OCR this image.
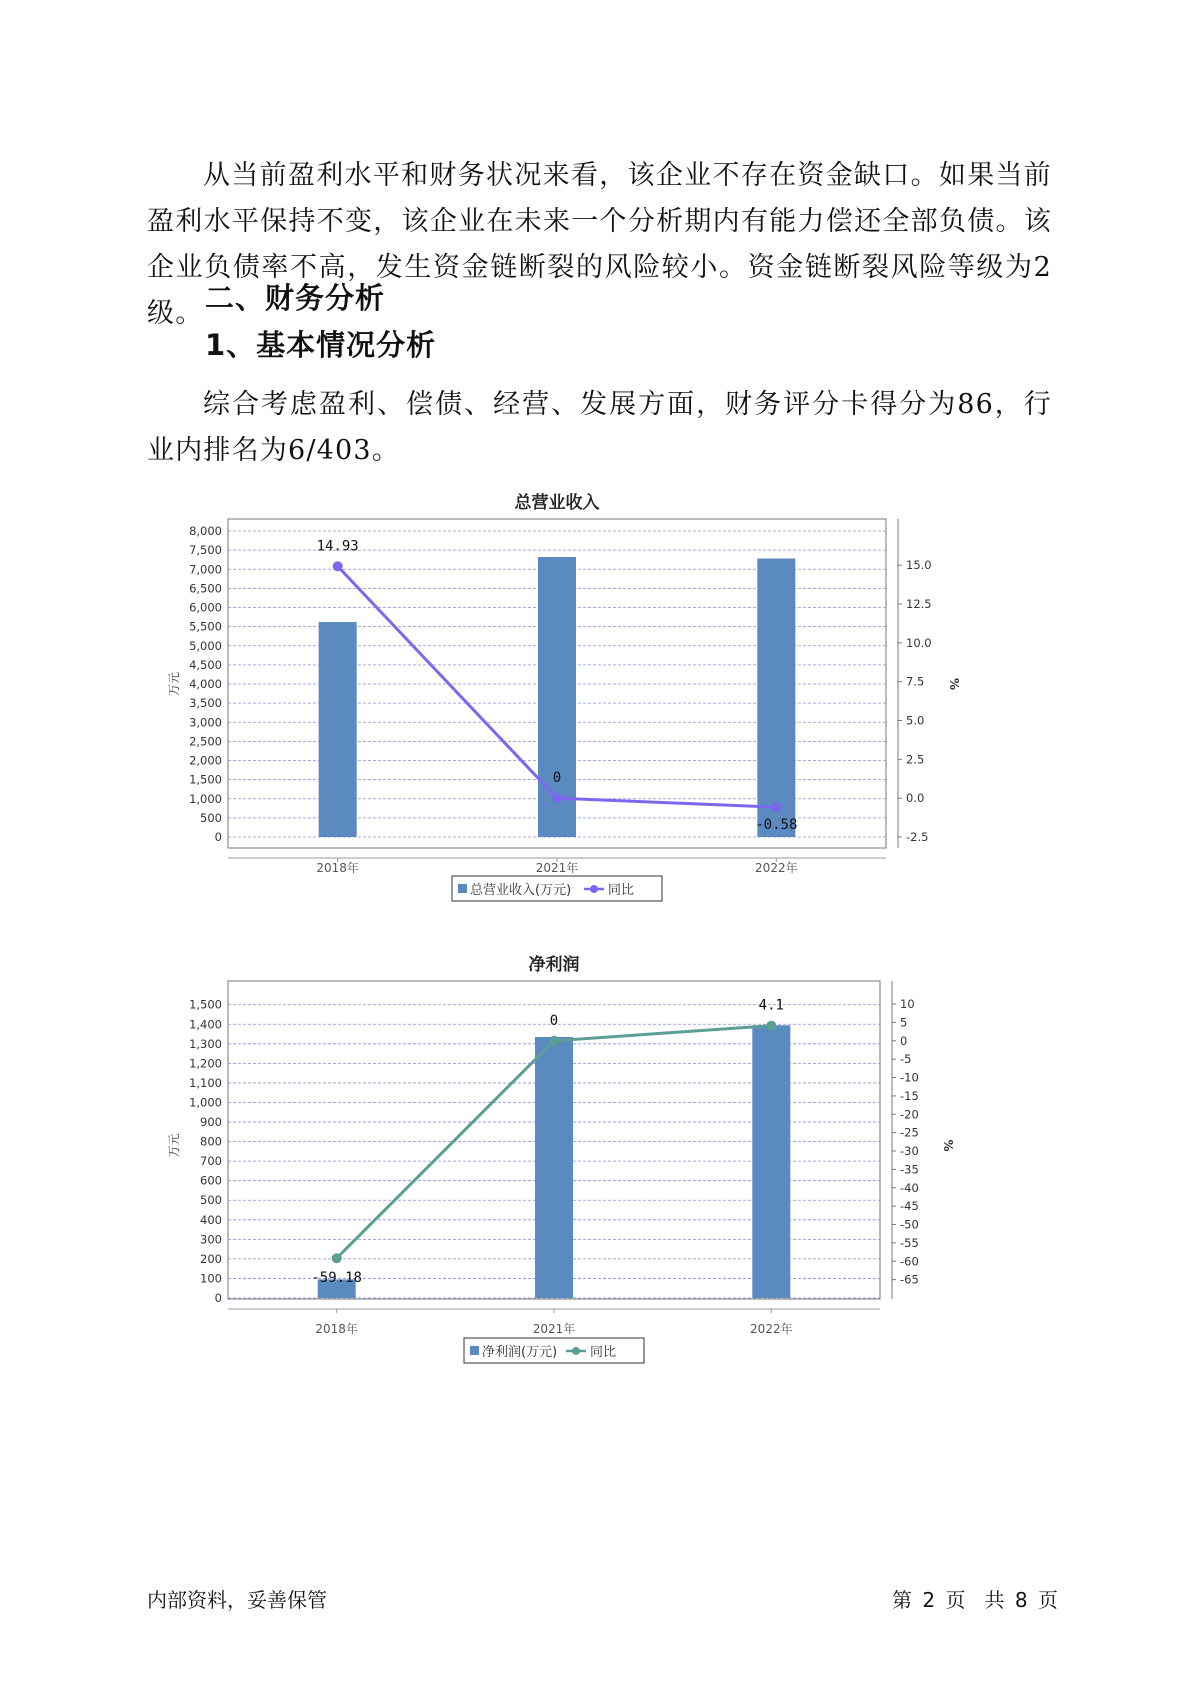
从当前盈利水平和财务状况来看，该企业不存在资金缺口。如果当前盈利水平保持不变，该企业在未来一个分析期内有能力偿还全部负债。该企业负债率不高，发生资金链断裂的风险较小。资金链断裂风险等级为2级。 二、财务分析
1、基本情况分析

综合考虑盈利、偿债、经营、发展方面，财务评分卡得分为86，行业内排名为6/403。

总营业收入
0
500
1,000
1,500
2,000
2,500
3,000
3,500
4,000
4,500
5,000
5,500
6,000
6,500
7,000
7,500
8,000
-2.5
0.0
2.5
5.0
7.5
10.0
12.5
15.0
万元	%
2018年	2021年	2022年
14.93
0
-0.58
总营业收入(万元)	同比
净利润
0
100
200
300
400
500
600
700
800
900
1,000
1,100
1,200
1,300
1,400
1,500
-65
-60
-55
-50
-45
-40
-35
-30
-25
-20
-15
-10
-5
0
5
10
万元	%
2018年	2021年	2022年
-59.18
0
4.1
净利润(万元)	同比
内部资料，妥善保管	第 2 页   共 8 页
